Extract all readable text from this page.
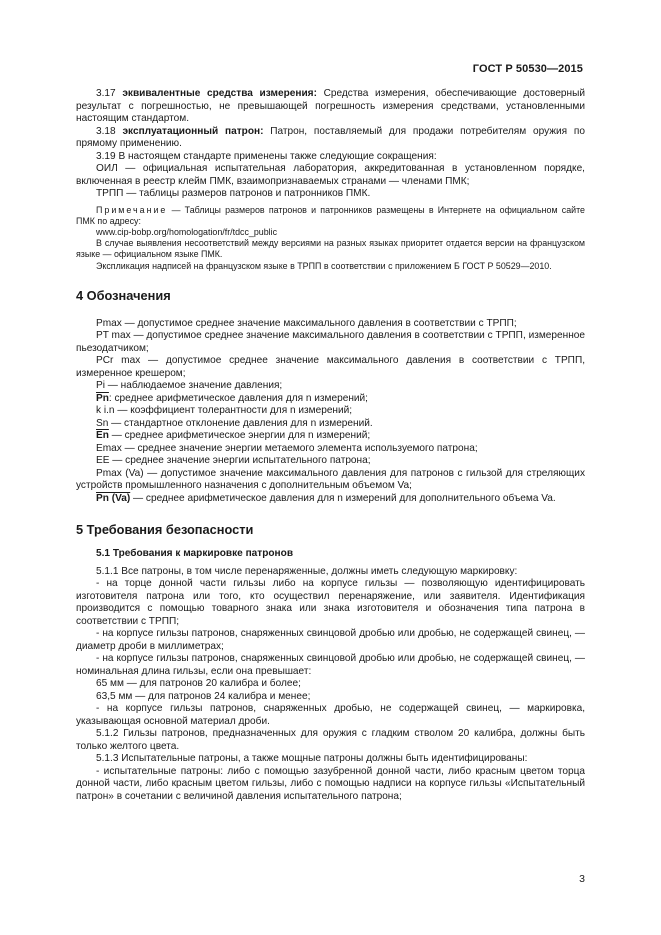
ГОСТ Р 50530—2015

3.17 эквивалентные средства измерения: Средства измерения, обеспечивающие достоверный результат с погрешностью, не превышающей погрешность измерения средствами, установленными настоящим стандартом.

3.18 эксплуатационный патрон: Патрон, поставляемый для продажи потребителям оружия по прямому применению.

3.19 В настоящем стандарте применены также следующие сокращения:

ОИЛ — официальная испытательная лаборатория, аккредитованная в установленном порядке, включенная в реестр клейм ПМК, взаимопризнаваемых странами — членами ПМК;

ТРПП — таблицы размеров патронов и патронников ПМК.

Примечание — Таблицы размеров патронов и патронников размещены в Интернете на официальном сайте ПМК по адресу:

www.cip-bobp.org/homologation/fr/tdcc_public

В случае выявления несоответствий между версиями на разных языках приоритет отдается версии на французском языке — официальном языке ПМК.

Экспликация надписей на французском языке в ТРПП в соответствии с приложением Б ГОСТ Р 50529—2010.

4 Обозначения

Pmax — допустимое среднее значение максимального давления в соответствии с ТРПП;

PT max — допустимое среднее значение максимального давления в соответствии с ТРПП, измеренное пьезодатчиком;

PCr max — допустимое среднее значение максимального давления в соответствии с ТРПП, измеренное крешером;

Pi — наблюдаемое значение давления;

$\overline{Pn}$: среднее арифметическое давления для n измерений;

k i.n — коэффициент толерантности для n измерений;

Sn — стандартное отклонение давления для n измерений.

$\overline{En}$ — среднее арифметическое энергии для n измерений;

Emax — среднее значение энергии метаемого элемента используемого патрона;

EE — среднее значение энергии испытательного патрона;

Pmax (Va) — допустимое значение максимального давления для патронов с гильзой для стреляющих устройств промышленного назначения с дополнительным объемом Va;

Pn (Va) — среднее арифметическое давления для n измерений для дополнительного объема Va.

5 Требования безопасности
5.1 Требования к маркировке патронов

5.1.1 Все патроны, в том числе перенаряженные, должны иметь следующую маркировку:

- на торце донной части гильзы либо на корпусе гильзы — позволяющую идентифицировать изготовителя патрона или того, кто осуществил перенаряжение, или заявителя. Идентификация производится с помощью товарного знака или знака изготовителя и обозначения типа патрона в соответствии с ТРПП;

- на корпусе гильзы патронов, снаряженных свинцовой дробью или дробью, не содержащей свинец, — диаметр дроби в миллиметрах;

- на корпусе гильзы патронов, снаряженных свинцовой дробью или дробью, не содержащей свинец, — номинальная длина гильзы, если она превышает:

65 мм — для патронов 20 калибра и более;

63,5 мм — для патронов 24 калибра и менее;

- на корпусе гильзы патронов, снаряженных дробью, не содержащей свинец, — маркировка, указывающая основной материал дроби.

5.1.2 Гильзы патронов, предназначенных для оружия с гладким стволом 20 калибра, должны быть только желтого цвета.

5.1.3 Испытательные патроны, а также мощные патроны должны быть идентифицированы:

- испытательные патроны: либо с помощью зазубренной донной части, либо красным цветом торца донной части, либо красным цветом гильзы, либо с помощью надписи на корпусе гильзы «Испытательный патрон» в сочетании с величиной давления испытательного патрона;

3
